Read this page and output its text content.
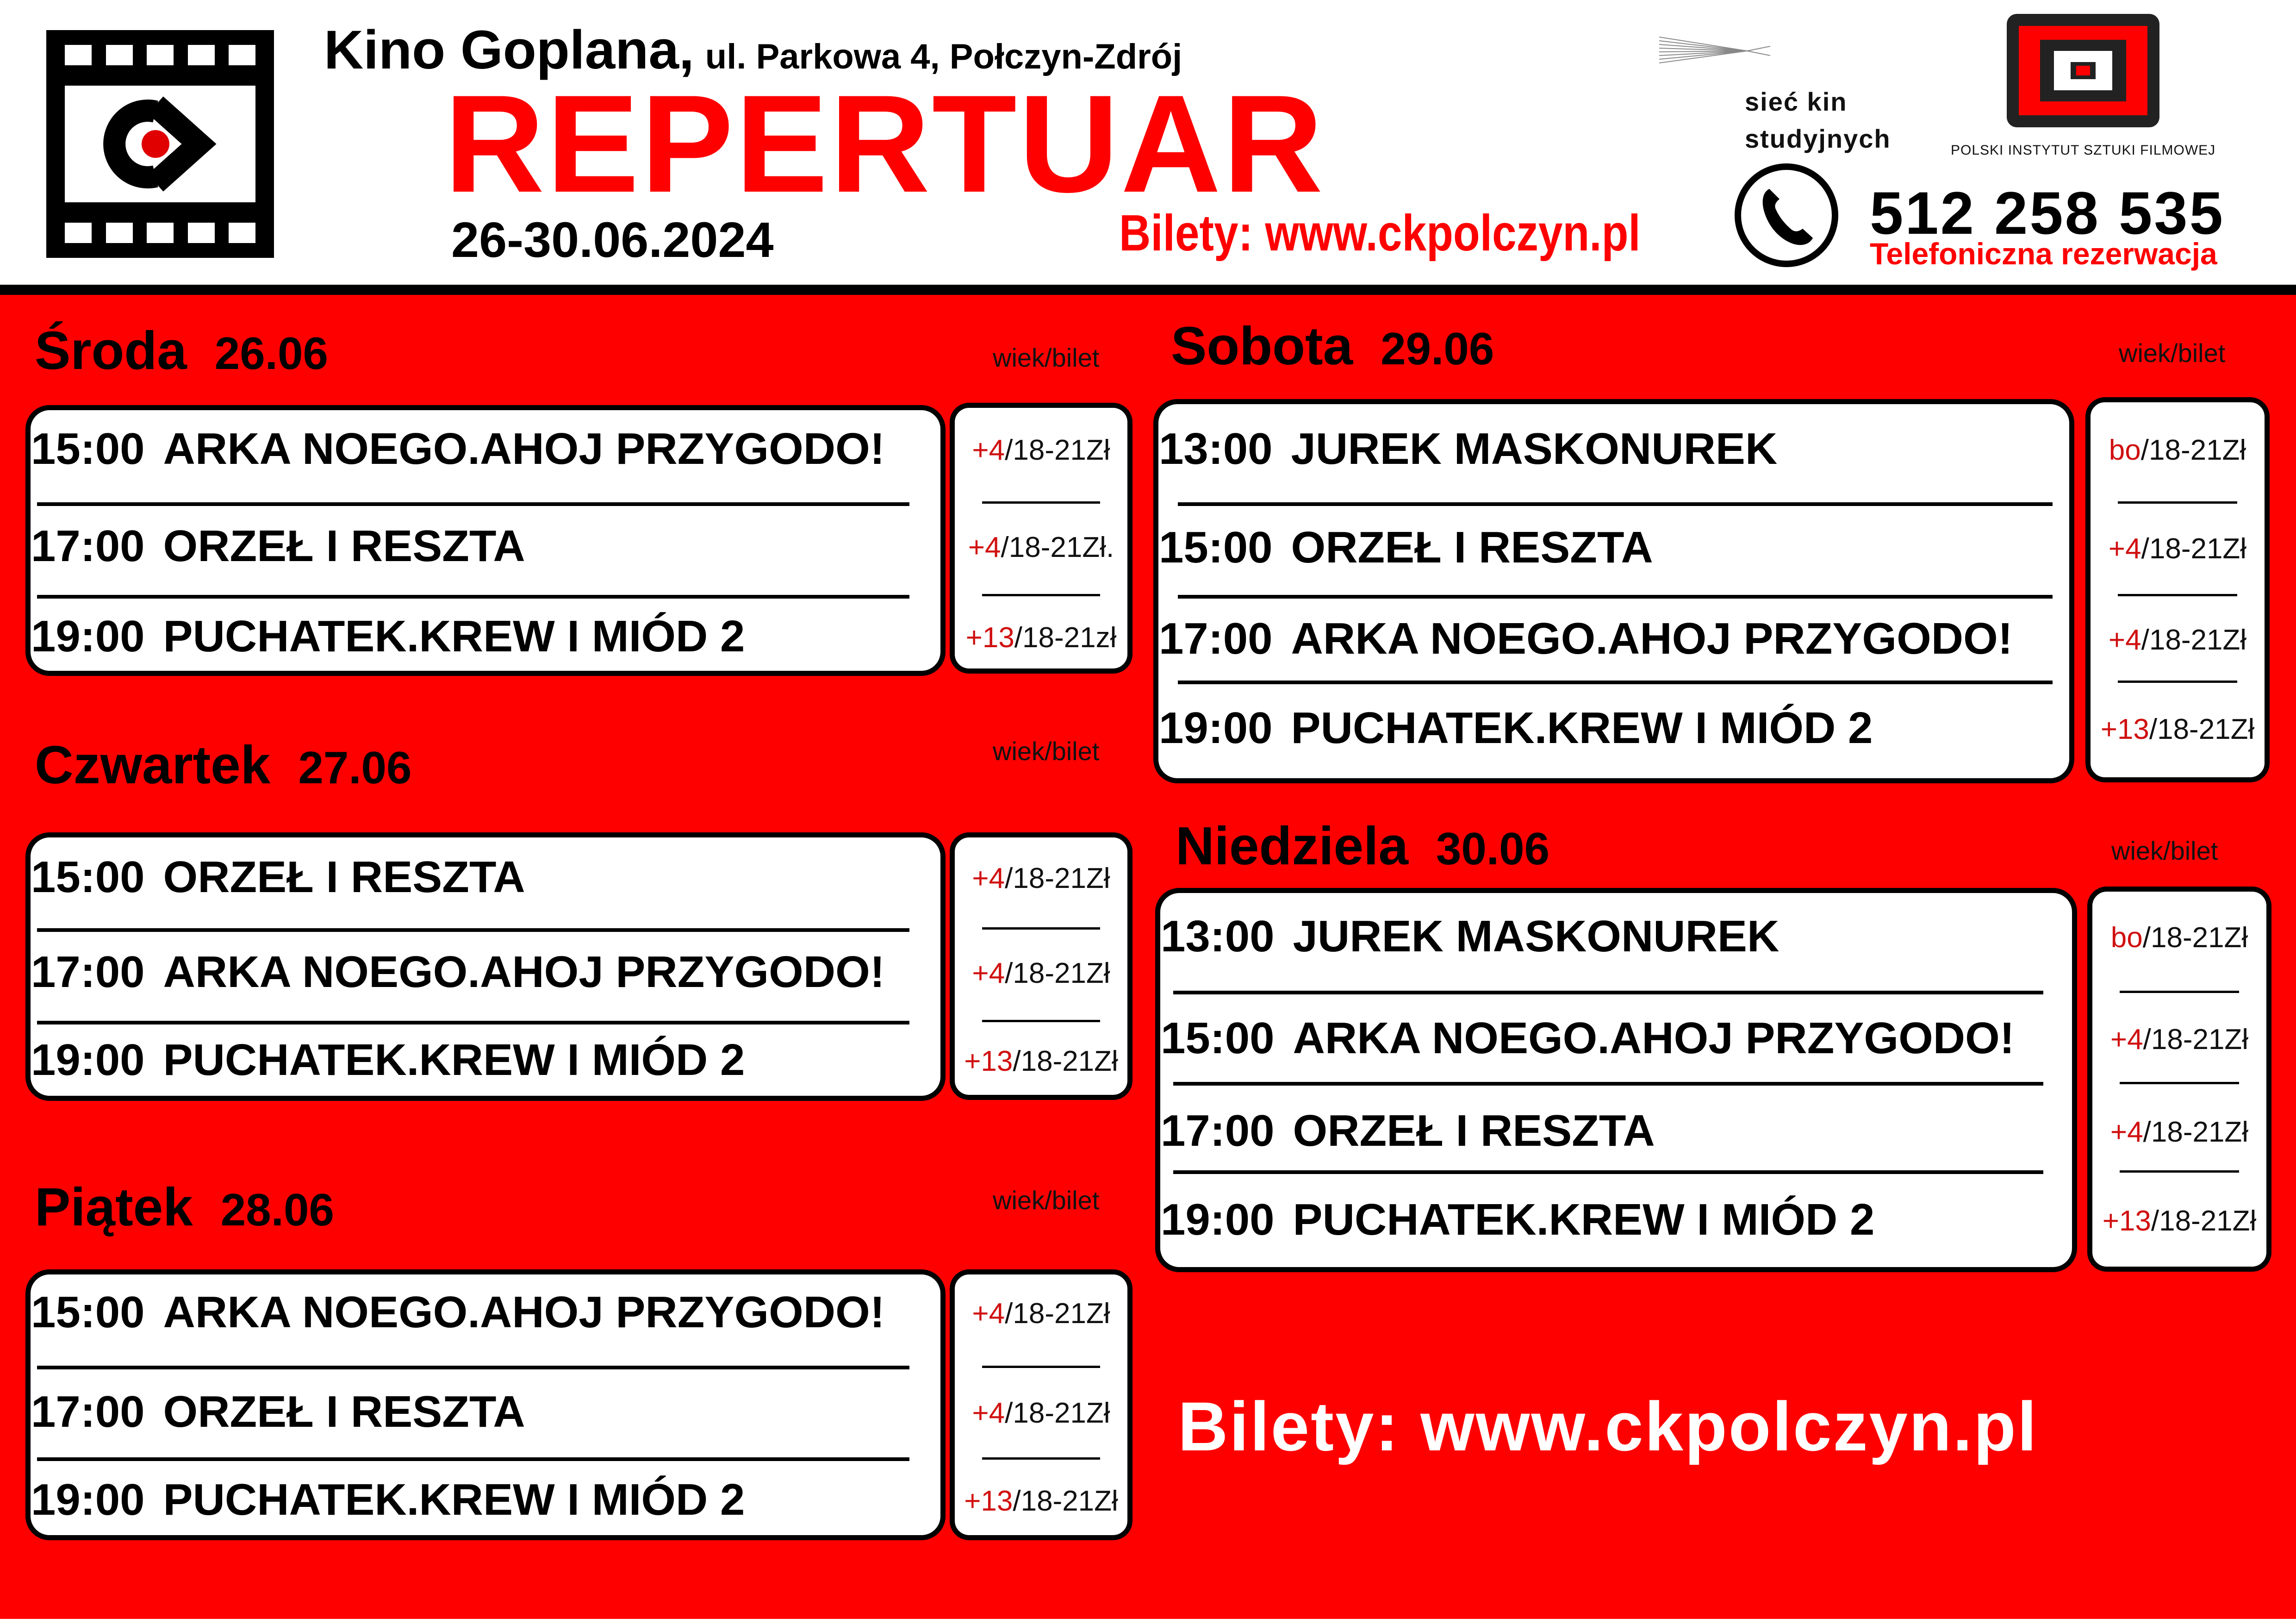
Kino Goplana, ul. Parkowa 4, Połczyn-Zdrój
REPERTUAR
26-30.06.2024	Bilety: www.ckpolczyn.pl
sieć kin
studyjnych	POLSKI INSTYTUT SZTUKI FILMOWEJ
512 258 535
Telefoniczna rezerwacja
Środa 26.06	wiek/bilet
15:00 ARKA NOEGO.AHOJ PRZYGODO!	+4/18-21Zł
17:00 ORZEŁ I RESZTA	+4/18-21Zł.
19:00 PUCHATEK.KREW I MIÓD 2	+13/18-21zł
Czwartek 27.06	wiek/bilet
15:00 ORZEŁ I RESZTA	+4/18-21Zł
17:00 ARKA NOEGO.AHOJ PRZYGODO!	+4/18-21Zł
19:00 PUCHATEK.KREW I MIÓD 2	+13/18-21Zł
Piątek 28.06	wiek/bilet
15:00 ARKA NOEGO.AHOJ PRZYGODO!	+4/18-21Zł
17:00 ORZEŁ I RESZTA	+4/18-21Zł
19:00 PUCHATEK.KREW I MIÓD 2	+13/18-21Zł
Sobota 29.06	wiek/bilet
13:00 JUREK MASKONUREK	bo/18-21Zł
15:00 ORZEŁ I RESZTA	+4/18-21Zł
17:00 ARKA NOEGO.AHOJ PRZYGODO!	+4/18-21Zł
19:00 PUCHATEK.KREW I MIÓD 2	+13/18-21Zł
Niedziela 30.06	wiek/bilet
13:00 JUREK MASKONUREK	bo/18-21Zł
15:00 ARKA NOEGO.AHOJ PRZYGODO!	+4/18-21Zł
17:00 ORZEŁ I RESZTA	+4/18-21Zł
19:00 PUCHATEK.KREW I MIÓD 2	+13/18-21Zł
Bilety: www.ckpolczyn.pl
